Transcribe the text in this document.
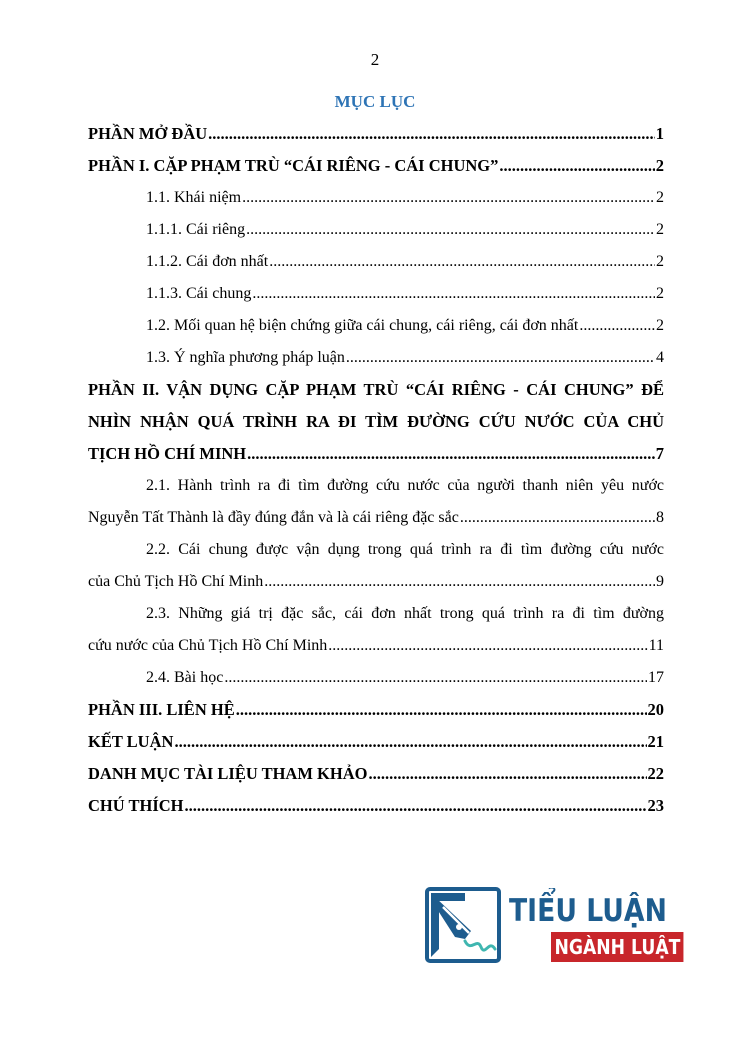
2
MỤC LỤC
PHẦN MỞ ĐẦU .....	1
PHẦN I. CẶP PHẠM TRÙ “CÁI RIÊNG - CÁI CHUNG” .....	2
1.1. Khái niệm .....	2
1.1.1. Cái riêng .....	2
1.1.2. Cái đơn nhất .....	2
1.1.3. Cái chung .....	2
1.2. Mối quan hệ biện chứng giữa cái chung, cái riêng, cái đơn nhất .....	2
1.3. Ý nghĩa phương pháp luận .....	4
PHẦN II. VẬN DỤNG CẶP PHẠM TRÙ “CÁI RIÊNG - CÁI CHUNG” ĐỂ
NHÌN NHẬN QUÁ TRÌNH RA ĐI TÌM ĐƯỜNG CỨU NƯỚC CỦA CHỦ
TỊCH HỒ CHÍ MINH .....	7
2.1. Hành trình ra đi tìm đường cứu nước của người thanh niên yêu nước
Nguyễn Tất Thành là đầy đúng đắn và là cái riêng đặc sắc .....	8
2.2. Cái chung được vận dụng trong quá trình ra đi tìm đường cứu nước
của Chủ Tịch Hồ Chí Minh .....	9
2.3. Những giá trị đặc sắc, cái đơn nhất trong quá trình ra đi tìm đường
cứu nước của Chủ Tịch Hồ Chí Minh .....	11
2.4. Bài học .....	17
PHẦN III. LIÊN HỆ .....	20
KẾT LUẬN .....	21
DANH MỤC TÀI LIỆU THAM KHẢO .....	22
CHÚ THÍCH .....	23
TIỂU LUẬN
NGÀNH LUẬT
